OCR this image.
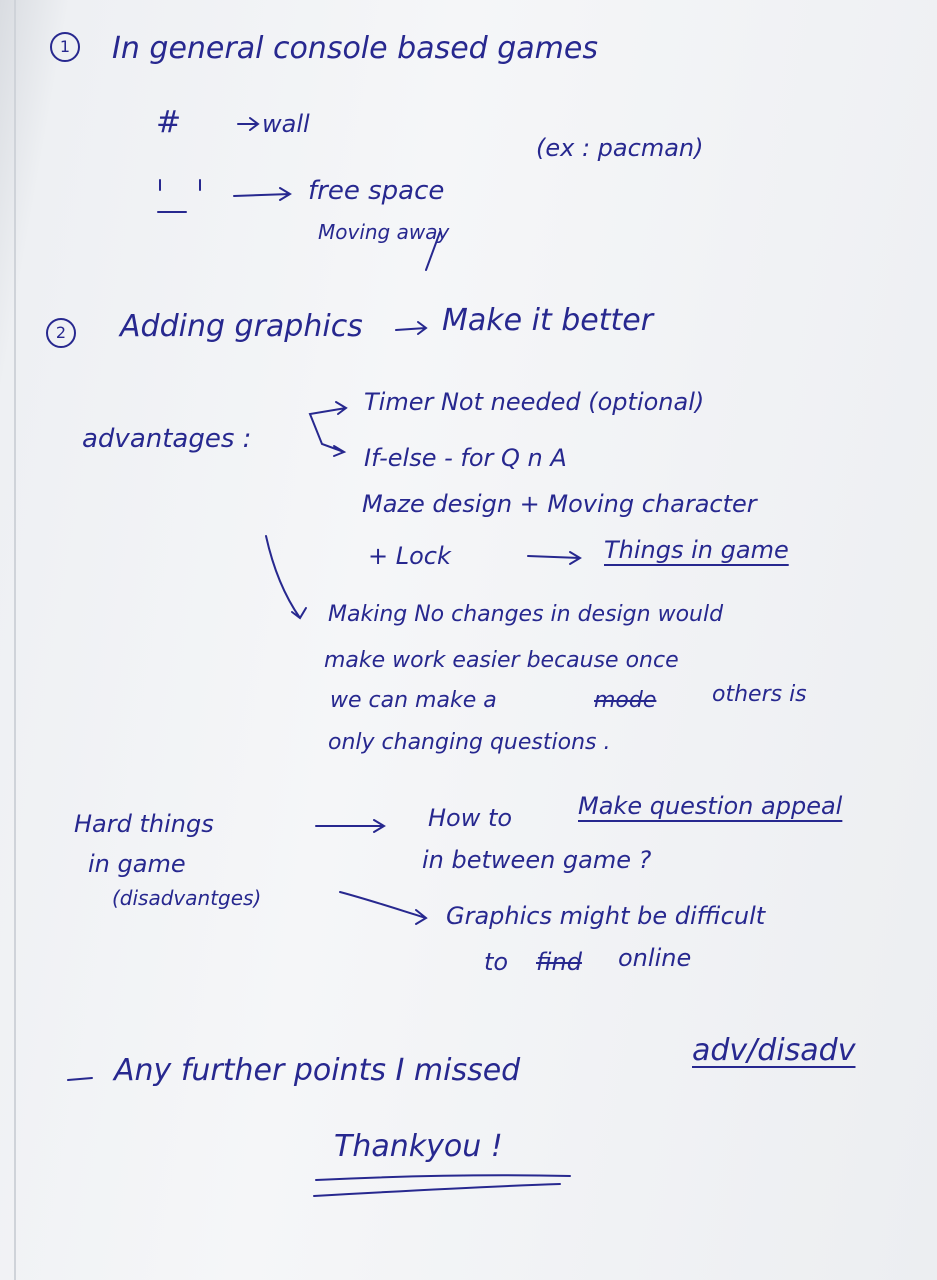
1	In general console based games
#	wall
(ex : pacman)
free space
Moving away
2	Adding graphics	Make it better
advantages :
Timer Not needed (optional)
If-else - for Q n A
Maze design + Moving character
+ Lock	Things in game
Making No changes in design would
make work easier because once
we can make a	mode	others is
only changing questions .
Hard things
in game
(disadvantges)
How to	Make question appeal
in between game ?
Graphics might be difficult
to find online
Any further points I missed
adv/disadv
Thankyou !
